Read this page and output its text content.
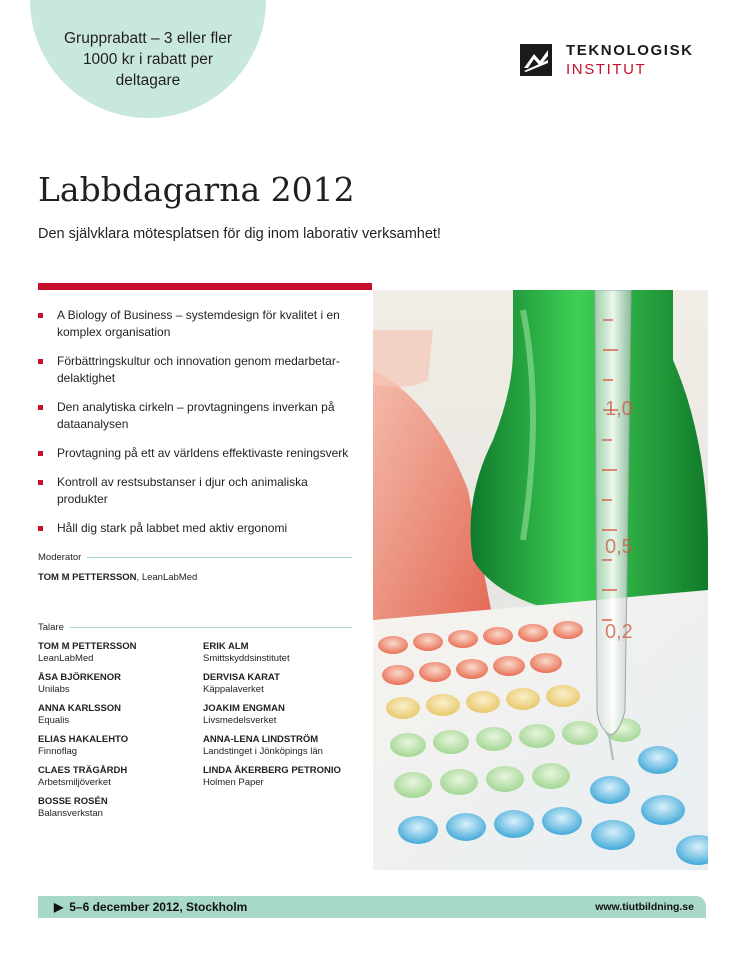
Grupprabatt – 3 eller fler
1000 kr i rabatt per
deltagare
TEKNOLOGISK
INSTITUT
Labbdagarna 2012
Den självklara mötesplatsen för dig inom laborativ verksamhet!
A Biology of Business – systemdesign för kvalitet i en komplex organisation
Förbättringskultur och innovation genom medarbetar-delaktighet
Den analytiska cirkeln – provtagningens inverkan på dataanalysen
Provtagning på ett av världens effektivaste reningsverk
Kontroll av restsubstanser i djur och animaliska produkter
Håll dig stark på labbet med aktiv ergonomi
Moderator
TOM M PETTERSSON, LeanLabMed
Talare
TOM M PETTERSSON
LeanLabMed
ÅSA BJÖRKENOR
Unilabs
ANNA KARLSSON
Equalis
ELIAS HAKALEHTO
Finnoflag
CLAES TRÄGÅRDH
Arbetsmiljöverket
BOSSE ROSÉN
Balansverkstan
ERIK ALM
Smittskyddsinstitutet
DERVISA KARAT
Käppalaverket
JOAKIM ENGMAN
Livsmedelsverket
ANNA-LENA LINDSTRÖM
Landstinget i Jönköpings län
LINDA ÅKERBERG PETRONIO
Holmen Paper
1,0
0,5
0,2
▶ 5–6 december 2012, Stockholm	www.tiutbildning.se
